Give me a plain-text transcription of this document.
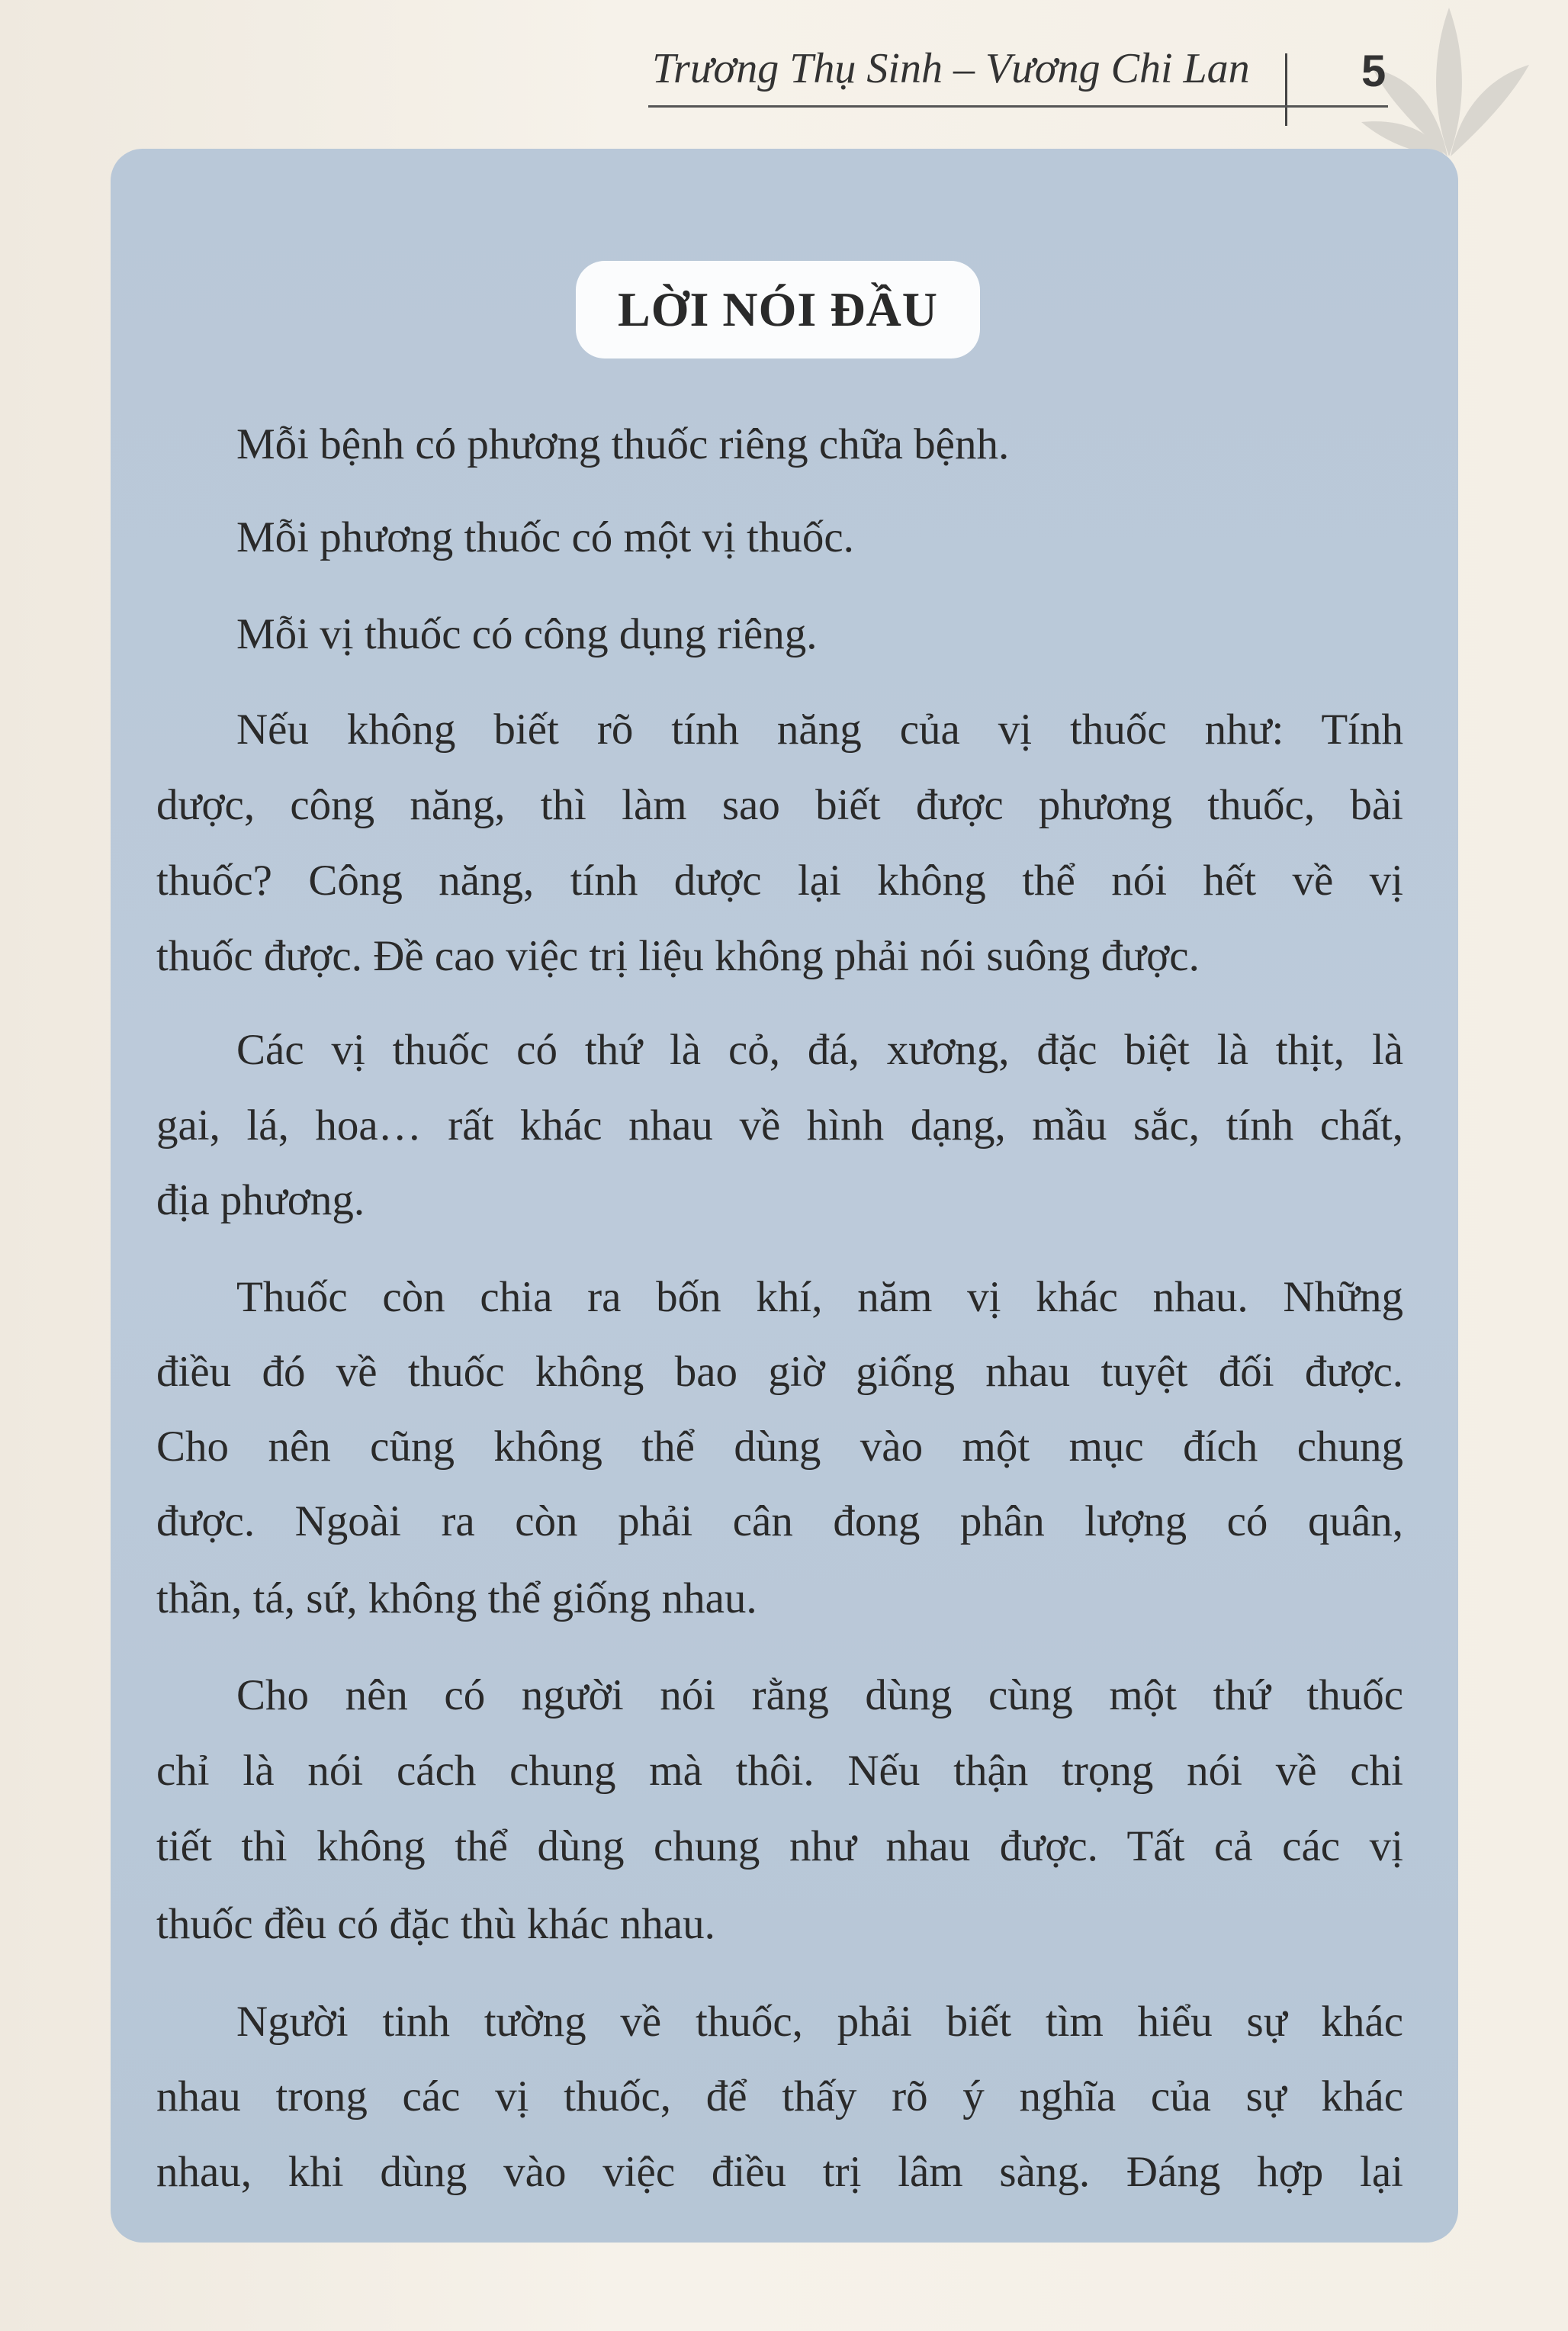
Trương Thụ Sinh – Vương Chi Lan	5
LỜI NÓI ĐẦU
Mỗi bệnh có phương thuốc riêng chữa bệnh.
Mỗi phương thuốc có một vị thuốc.
Mỗi vị thuốc có công dụng riêng.
Nếu không biết rõ tính năng của vị thuốc như: Tính
dược, công năng, thì làm sao biết được phương thuốc, bài
thuốc? Công năng, tính dược lại không thể nói hết về vị
thuốc được. Đề cao việc trị liệu không phải nói suông được.
Các vị thuốc có thứ là cỏ, đá, xương, đặc biệt là thịt, là
gai, lá, hoa… rất khác nhau về hình dạng, mầu sắc, tính chất,
địa phương.
Thuốc còn chia ra bốn khí, năm vị khác nhau. Những
điều đó về thuốc không bao giờ giống nhau tuyệt đối được.
Cho nên cũng không thể dùng vào một mục đích chung
được. Ngoài ra còn phải cân đong phân lượng có quân,
thần, tá, sứ, không thể giống nhau.
Cho nên có người nói rằng dùng cùng một thứ thuốc
chỉ là nói cách chung mà thôi. Nếu thận trọng nói về chi
tiết thì không thể dùng chung như nhau được. Tất cả các vị
thuốc đều có đặc thù khác nhau.
Người tinh tường về thuốc, phải biết tìm hiểu sự khác
nhau trong các vị thuốc, để thấy rõ ý nghĩa của sự khác
nhau, khi dùng vào việc điều trị lâm sàng. Đáng hợp lại
